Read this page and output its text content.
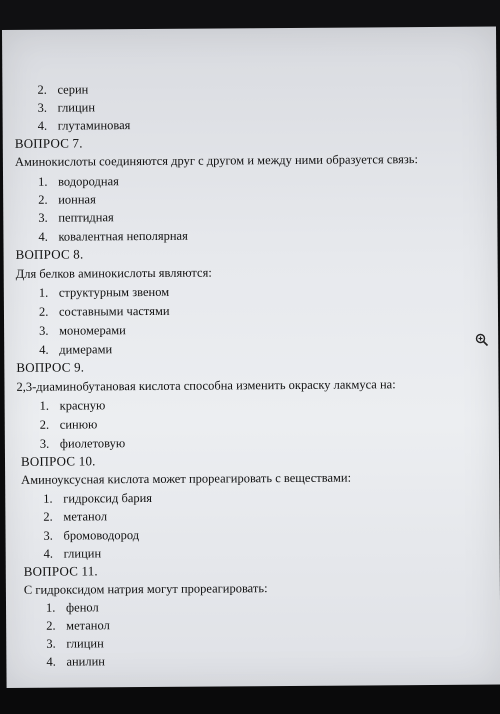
2. серин
3. глицин
4. глутаминовая
ВОПРОС 7.
Аминокислоты соединяются друг с другом и между ними образуется связь:
1. водородная
2. ионная
3. пептидная
4. ковалентная неполярная
ВОПРОС 8.
Для белков аминокислоты являются:
1. структурным звеном
2. составными частями
3. мономерами
4. димерами
ВОПРОС 9.
2,3-диаминобутановая кислота способна изменить окраску лакмуса на:
1. красную
2. синюю
3. фиолетовую
ВОПРОС 10.
Аминоуксусная кислота может прореагировать с веществами:
1. гидроксид бария
2. метанол
3. бромоводород
4. глицин
ВОПРОС 11.
С гидроксидом натрия могут прореагировать:
1. фенол
2. метанол
3. глицин
4. анилин
